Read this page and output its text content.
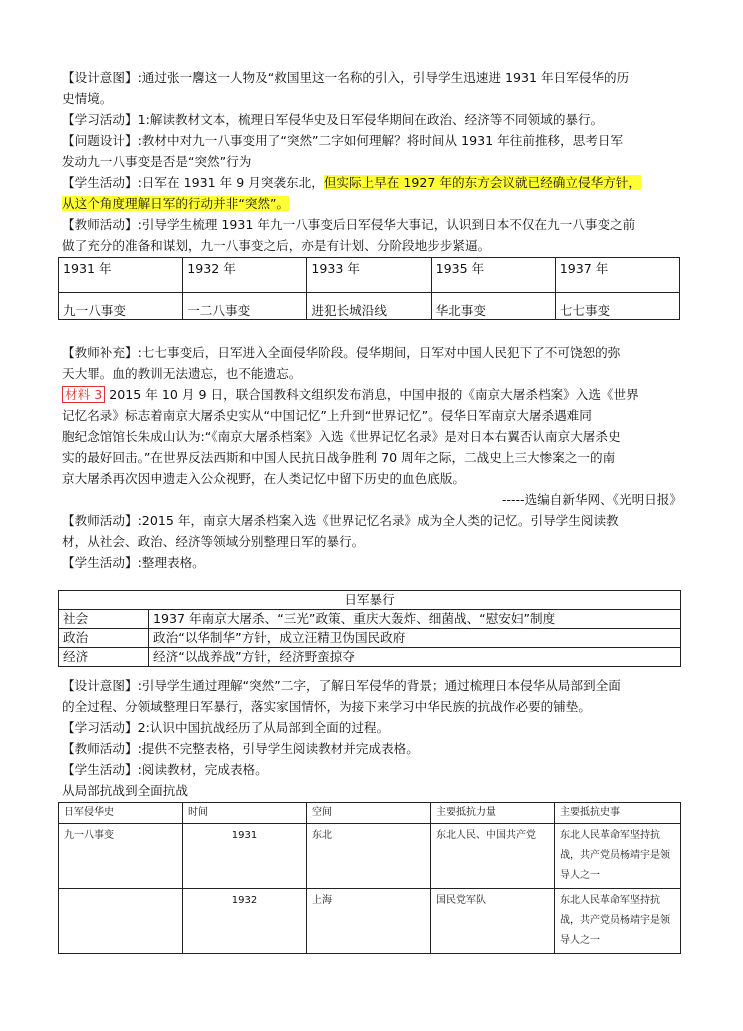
【设计意图】:通过张一麐这一人物及“救国里这一名称的引入，引导学生迅速进 1931 年日军侵华的历
史情境。
【学习活动】1:解读教材文本，梳理日军侵华史及日军侵华期间在政治、经济等不同领域的暴行。
【问题设计】:教材中对九一八事变用了“突然”二字如何理解？将时间从 1931 年往前推移，思考日军
发动九一八事变是否是“突然”行为
【学生活动】:日军在 1931 年 9 月突袭东北，但实际上早在 1927 年的东方会议就已经确立侵华方针，
从这个角度理解日军的行动并非“突然”。
【教师活动】:引导学生梳理 1931 年九一八事变后日军侵华大事记，认识到日本不仅在九一八事变之前
做了充分的准备和谋划，九一八事变之后，亦是有计划、分阶段地步步紧逼。
1931 年	1932 年	1933 年	1935 年	1937 年
九一八事变	一二八事变	进犯长城沿线	华北事变	七七事变
【教师补充】:七七事变后，日军进入全面侵华阶段。侵华期间，日军对中国人民犯下了不可饶恕的弥
天大罪。血的教训无法遗忘，也不能遗忘。
材料 3 2015 年 10 月 9 日，联合国教科文组织发布消息，中国申报的《南京大屠杀档案》入选《世界
记忆名录》标志着南京大屠杀史实从“中国记忆”上升到“世界记忆”。侵华日军南京大屠杀遇难同
胞纪念馆馆长朱成山认为:“《南京大屠杀档案》入选《世界记忆名录》是对日本右翼否认南京大屠杀史
实的最好回击。”在世界反法西斯和中国人民抗日战争胜利 70 周年之际，二战史上三大惨案之一的南
京大屠杀再次因申遗走入公众视野，在人类记忆中留下历史的血色底版。
-----选编自新华网、《光明日报》
【教师活动】:2015 年，南京大屠杀档案入选《世界记忆名录》成为全人类的记忆。引导学生阅读教
材，从社会、政治、经济等领域分别整理日军的暴行。
【学生活动】:整理表格。
日军暴行	
社会	1937 年南京大屠杀、“三光”政策、重庆大轰炸、细菌战、“慰安妇”制度
政治	政治“以华制华”方针，成立汪精卫伪国民政府
经济	经济“以战养战”方针，经济野蛮掠夺
【设计意图】:引导学生通过理解“突然”二字，了解日军侵华的背景；通过梳理日本侵华从局部到全面
的全过程、分领域整理日军暴行，落实家国情怀，为接下来学习中华民族的抗战作必要的铺垫。
【学习活动】2:认识中国抗战经历了从局部到全面的过程。
【教师活动】:提供不完整表格，引导学生阅读教材并完成表格。
【学生活动】:阅读教材，完成表格。
从局部抗战到全面抗战
日军侵华史	时间	空间	主要抵抗力量	主要抵抗史事
九一八事变	1931	东北	东北人民、中国共产党	东北人民革命军坚持抗战，共产党员杨靖宇是领导人之一
	1932	上海	国民党军队	东北人民革命军坚持抗战，共产党员杨靖宇是领导人之一
